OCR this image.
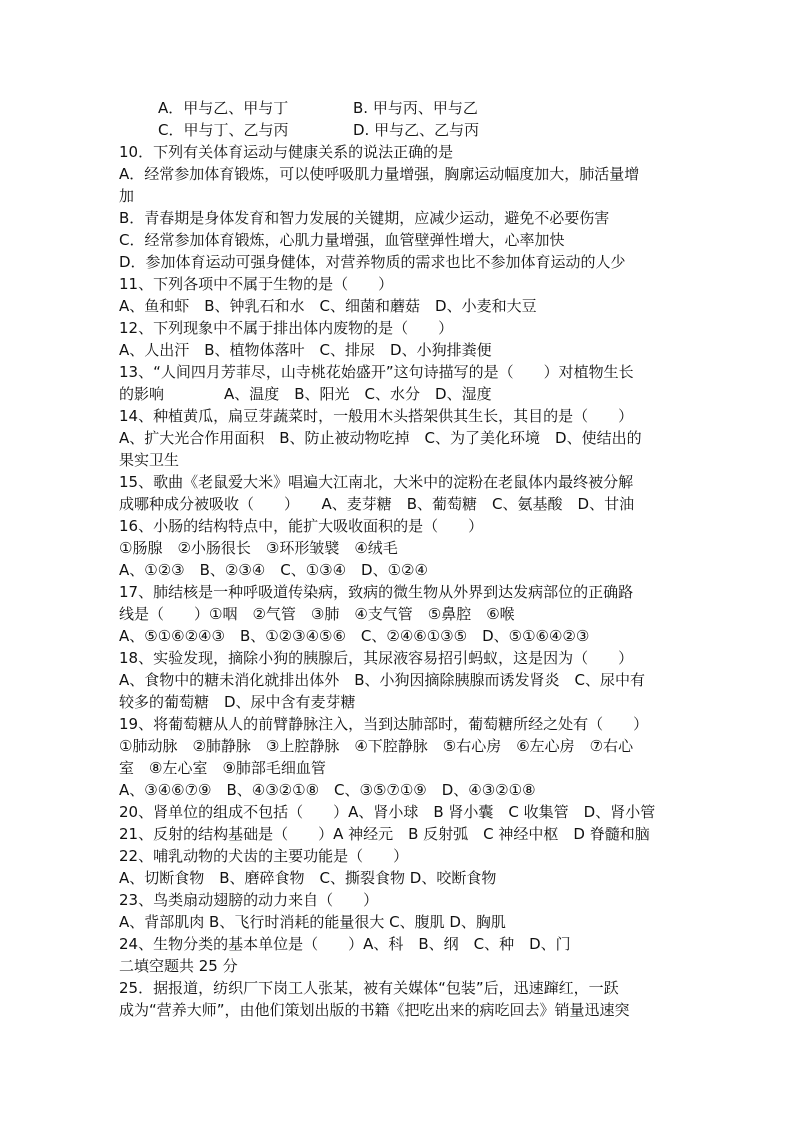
A．甲与乙、甲与丁	B. 甲与丙、甲与乙
C．甲与丁、乙与丙	D. 甲与乙、乙与丙
10．下列有关体育运动与健康关系的说法正确的是
A．经常参加体育锻炼，可以使呼吸肌力量增强，胸廓运动幅度加大，肺活量增
加
B．青春期是身体发育和智力发展的关键期，应减少运动，避免不必要伤害
C．经常参加体育锻炼，心肌力量增强，血管壁弹性增大，心率加快
D．参加体育运动可强身健体，对营养物质的需求也比不参加体育运动的人少
11、下列各项中不属于生物的是（　　）
A、鱼和虾　B、钟乳石和水　C、细菌和蘑菇　D、小麦和大豆
12、下列现象中不属于排出体内废物的是（　　）
A、人出汗　B、植物体落叶　C、排尿　D、小狗排粪便
13、“人间四月芳菲尽，山寺桃花始盛开”这句诗描写的是（　　）对植物生长
的影响　　　　A、温度　B、阳光　C、水分　D、湿度
14、种植黄瓜，扁豆芽蔬菜时，一般用木头搭架供其生长，其目的是（　　）
A、扩大光合作用面积　B、防止被动物吃掉　C、为了美化环境　D、使结出的
果实卫生
15、歌曲《老鼠爱大米》唱遍大江南北，大米中的淀粉在老鼠体内最终被分解
成哪种成分被吸收（　　）　　A、麦芽糖　B、葡萄糖　C、氨基酸　D、甘油
16、小肠的结构特点中，能扩大吸收面积的是（　　）
①肠腺　②小肠很长　③环形皱襞　④绒毛
A、①②③　B、②③④　C、①③④　D、①②④
17、肺结核是一种呼吸道传染病，致病的微生物从外界到达发病部位的正确路
线是（　　）①咽　②气管　③肺　④支气管　⑤鼻腔　⑥喉
A、⑤①⑥②④③　B、①②③④⑤⑥　C、②④⑥①③⑤　D、⑤①⑥④②③
18、实验发现，摘除小狗的胰腺后，其尿液容易招引蚂蚁，这是因为（　　）
A、食物中的糖未消化就排出体外　B、小狗因摘除胰腺而诱发肾炎　C、尿中有
较多的葡萄糖　D、尿中含有麦芽糖
19、将葡萄糖从人的前臂静脉注入，当到达肺部时，葡萄糖所经之处有（　　）
①肺动脉　②肺静脉　③上腔静脉　④下腔静脉　⑤右心房　⑥左心房　⑦右心
室　⑧左心室　⑨肺部毛细血管
A、③④⑥⑦⑨　B、④③②①⑧　C、③⑤⑦①⑨　D、④③②①⑧
20、肾单位的组成不包括（　　）A、肾小球　B 肾小囊　C 收集管　D、肾小管
21、反射的结构基础是（　　）A 神经元　B 反射弧　C 神经中枢　D 脊髓和脑
22、哺乳动物的犬齿的主要功能是（　　）
A、切断食物　B、磨碎食物　C、撕裂食物 D、咬断食物
23、鸟类扇动翅膀的动力来自（　　）
A、背部肌肉 B、飞行时消耗的能量很大 C、腹肌 D、胸肌
24、生物分类的基本单位是（　　）A、科　B、纲　C、种　D、门
二填空题共 25 分
25．据报道，纺织厂下岗工人张某，被有关媒体“包装”后，迅速蹿红，一跃
成为“营养大师”，由他们策划出版的书籍《把吃出来的病吃回去》销量迅速突
